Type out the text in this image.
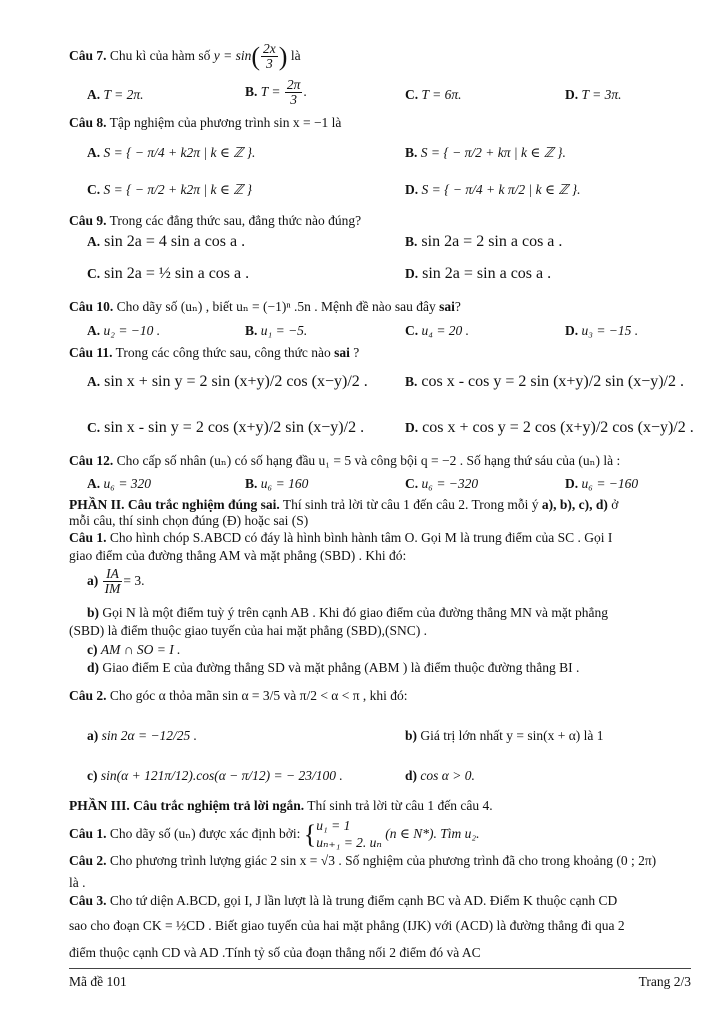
Câu 7. Chu kì của hàm số $y = \sin( \frac{2x}{3}$ ) là
A. T = 2π.	B. $T = \frac{2\pi}{3}$ .	C. T = 6π.	D. T = 3π.
Câu 8. Tập nghiệm của phương trình sin x = −1 là
A. S = { − π/4 + k2π | k ∈ ℤ }.	B. S = { − π/2 + kπ | k ∈ ℤ }.
C. S = { − π/2 + k2π | k ∈ ℤ }	D. S = { − π/4 + k π/2 | k ∈ ℤ }.
Câu 9. Trong các đẳng thức sau, đẳng thức nào đúng?
A. sin 2a = 4 sin a cos a .	B. sin 2a = 2 sin a cos a .
C. sin 2a = ½ sin a cos a .	D. sin 2a = sin a cos a .
Câu 10. Cho dãy số (uₙ) , biết uₙ = (−1)ⁿ .5n . Mệnh đề nào sau đây sai?
A. u₂ = −10 .	B. u₁ = −5.	C. u₄ = 20 .	D. u₃ = −15 .
Câu 11. Trong các công thức sau, công thức nào sai ?
A. sin x + sin y = 2 sin (x+y)/2 cos (x−y)/2 .	B. cos x - cos y = 2 sin (x+y)/2 sin (x−y)/2 .
C. sin x - sin y = 2 cos (x+y)/2 sin (x−y)/2 .	D. cos x + cos y = 2 cos (x+y)/2 cos (x−y)/2 .
Câu 12. Cho cấp số nhân (uₙ) có số hạng đầu u₁ = 5 và công bội q = −2 . Số hạng thứ sáu của (uₙ) là :
A. u₆ = 320	B. u₆ = 160	C. u₆ = −320	D. u₆ = −160
PHẦN II. Câu trắc nghiệm đúng sai. Thí sinh trả lời từ câu 1 đến câu 2. Trong mỗi ý a), b), c), d) ở
mỗi câu, thí sinh chọn đúng (Đ) hoặc sai (S)
Câu 1. Cho hình chóp S.ABCD có đáy là hình bình hành tâm O. Gọi M là trung điểm của SC . Gọi I
giao điểm của đường thẳng AM và mặt phẳng (SBD) . Khi đó:
$a) \frac{IA}{IM} = 3$.
b) Gọi N là một điểm tuỳ ý trên cạnh AB . Khi đó giao điểm của đường thẳng MN và mặt phẳng
(SBD) là điểm thuộc giao tuyến của hai mặt phẳng (SBD),(SNC) .
c) AM ∩ SO = I .
d) Giao điểm E của đường thẳng SD và mặt phẳng (ABM ) là điểm thuộc đường thẳng BI .
Câu 2. Cho góc α thỏa mãn sin α = 3/5 và π/2 < α < π , khi đó:
a) sin 2α = −12/25 .	b) Giá trị lớn nhất y = sin(x + α) là 1
c) sin(α + 121π/12).cos(α − π/12) = − 23/100 .	d) cos α > 0.
PHẦN III. Câu trắc nghiệm trả lời ngắn. Thí sinh trả lời từ câu 1 đến câu 4.
Câu 1. Cho dãy số (uₙ) được xác định bởi: { u₁ = 1
uₙ₊₁ = 2. uₙ
(n ∈ N*). Tìm u₂.
Câu 2. Cho phương trình lượng giác 2 sin x = √3 . Số nghiệm của phương trình đã cho trong khoảng (0 ; 2π)
là .
Câu 3. Cho tứ diện A.BCD, gọi I, J lần lượt là là trung điểm cạnh BC và AD. Điểm K thuộc cạnh CD
sao cho đoạn CK = ½CD . Biết giao tuyến của hai mặt phẳng (IJK) với (ACD) là đường thẳng đi qua 2
điểm thuộc cạnh CD và AD .Tính tỷ số của đoạn thẳng nối 2 điểm đó và AC
Mã đề 101	Trang 2/3
